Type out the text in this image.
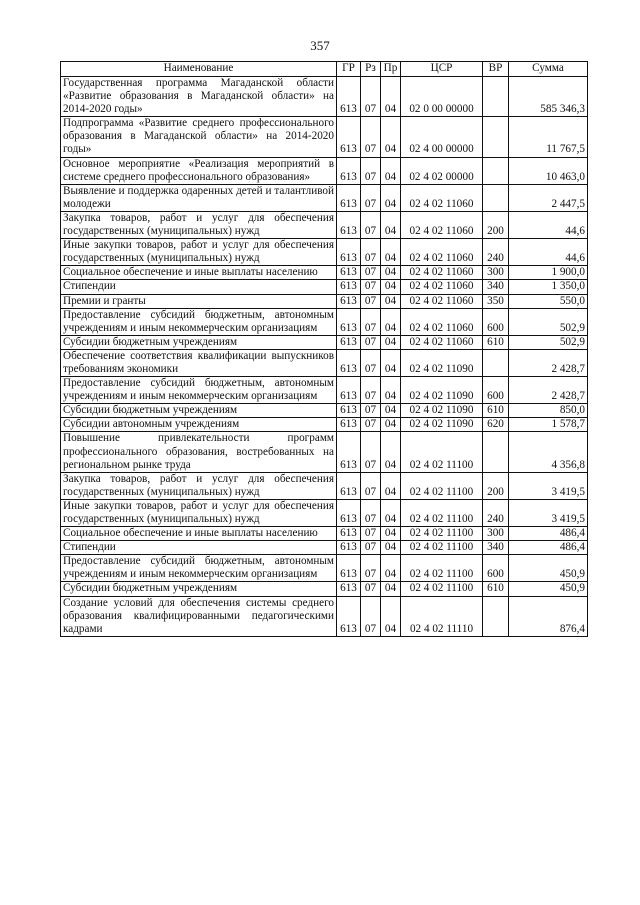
357
Наименование	ГР	Рз	Пр	ЦСР	ВР	Сумма
Государственная программа Магаданской области «Развитие образования в Магаданской области» на 2014-2020 годы»	613	07	04	02 0 00 00000		585 346,3
Подпрограмма «Развитие среднего профессионального образования в Магаданской области» на 2014-2020 годы»	613	07	04	02 4 00 00000		11 767,5
Основное мероприятие «Реализация мероприятий в системе среднего профессионального образования»	613	07	04	02 4 02 00000		10 463,0
Выявление и поддержка одаренных детей и талантливой молодежи	613	07	04	02 4 02 11060		2 447,5
Закупка товаров, работ и услуг для обеспечения государственных (муниципальных) нужд	613	07	04	02 4 02 11060	200	44,6
Иные закупки товаров, работ и услуг для обеспечения государственных (муниципальных) нужд	613	07	04	02 4 02 11060	240	44,6
Социальное обеспечение и иные выплаты населению	613	07	04	02 4 02 11060	300	1 900,0
Стипендии	613	07	04	02 4 02 11060	340	1 350,0
Премии и гранты	613	07	04	02 4 02 11060	350	550,0
Предоставление субсидий бюджетным, автономным учреждениям и иным некоммерческим организациям	613	07	04	02 4 02 11060	600	502,9
Субсидии бюджетным учреждениям	613	07	04	02 4 02 11060	610	502,9
Обеспечение соответствия квалификации выпускников требованиям экономики	613	07	04	02 4 02 11090		2 428,7
Предоставление субсидий бюджетным, автономным учреждениям и иным некоммерческим организациям	613	07	04	02 4 02 11090	600	2 428,7
Субсидии бюджетным учреждениям	613	07	04	02 4 02 11090	610	850,0
Субсидии автономным учреждениям	613	07	04	02 4 02 11090	620	1 578,7
Повышение привлекательности программ профессионального образования, востребованных на региональном рынке труда	613	07	04	02 4 02 11100		4 356,8
Закупка товаров, работ и услуг для обеспечения государственных (муниципальных) нужд	613	07	04	02 4 02 11100	200	3 419,5
Иные закупки товаров, работ и услуг для обеспечения государственных (муниципальных) нужд	613	07	04	02 4 02 11100	240	3 419,5
Социальное обеспечение и иные выплаты населению	613	07	04	02 4 02 11100	300	486,4
Стипендии	613	07	04	02 4 02 11100	340	486,4
Предоставление субсидий бюджетным, автономным учреждениям и иным некоммерческим организациям	613	07	04	02 4 02 11100	600	450,9
Субсидии бюджетным учреждениям	613	07	04	02 4 02 11100	610	450,9
Создание условий для обеспечения системы среднего образования квалифицированными педагогическими кадрами	613	07	04	02 4 02 11110		876,4
